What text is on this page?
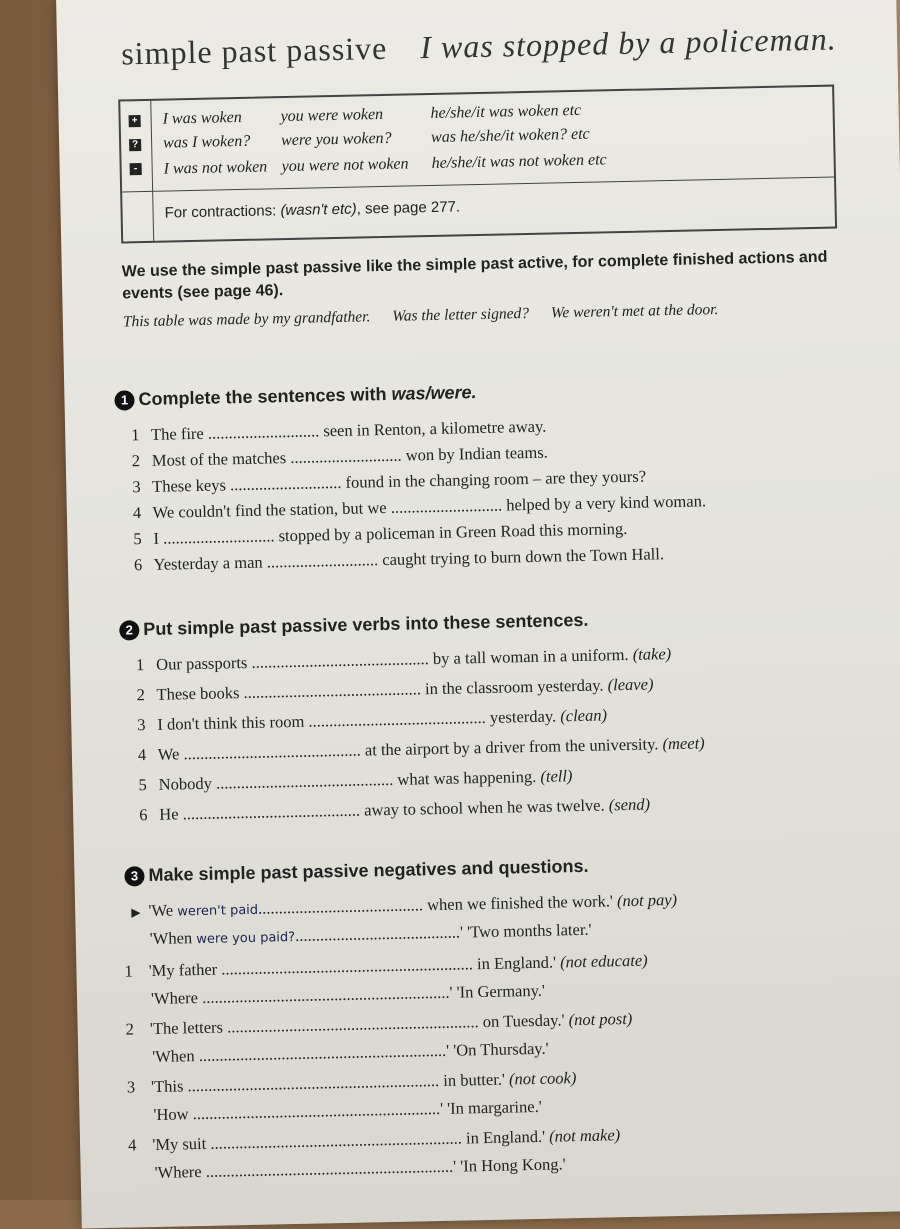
simple past passive I was stopped by a policeman.
+
?
-
I was woken you were woken	he/she/it was woken etc
was I woken? were you woken? was he/she/it woken? etc
I was not woken you were not woken he/she/it was not woken etc
For contractions: (wasn't etc), see page 277.
We use the simple past passive like the simple past active, for complete finished actions and events (see page 46).
This table was made by my grandfather. Was the letter signed? We weren't met at the door.
1 Complete the sentences with was/were.
1 The fire ........................... seen in Renton, a kilometre away.
2 Most of the matches ........................... won by Indian teams.
3 These keys ........................... found in the changing room – are they yours?
4 We couldn't find the station, but we ........................... helped by a very kind woman.
5 I ........................... stopped by a policeman in Green Road this morning.
6 Yesterday a man ........................... caught trying to burn down the Town Hall.
2 Put simple past passive verbs into these sentences.
1 Our passports ........................................... by a tall woman in a uniform. (take)
2 These books ........................................... in the classroom yesterday. (leave)
3 I don't think this room ........................................... yesterday. (clean)
4 We ........................................... at the airport by a driver from the university. (meet)
5 Nobody ........................................... what was happening. (tell)
6 He ........................................... away to school when he was twelve. (send)
3 Make simple past passive negatives and questions.
▶ 'We weren't paid........................................ when we finished the work.' (not pay)
'When were you paid?........................................' 'Two months later.'
1 'My father ............................................................. in England.' (not educate)
'Where ............................................................' 'In Germany.'
2 'The letters ............................................................. on Tuesday.' (not post)
'When ............................................................' 'On Thursday.'
3 'This ............................................................. in butter.' (not cook)
'How ............................................................' 'In margarine.'
4 'My suit ............................................................. in England.' (not make)
'Where ............................................................' 'In Hong Kong.'
